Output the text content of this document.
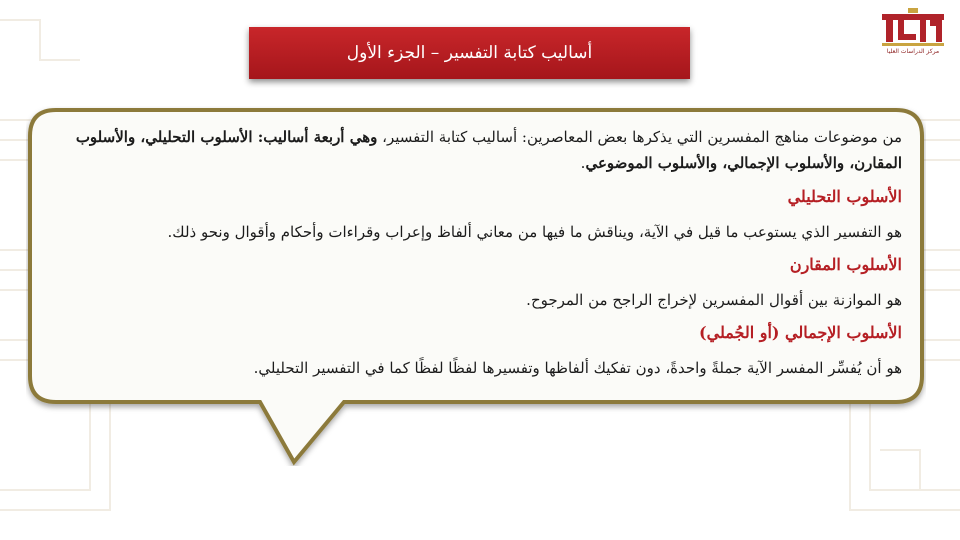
مركز الدراسات العليا
أساليب كتابة التفسير – الجزء الأول

من موضوعات مناهج المفسرين التي يذكرها بعض المعاصرين: أساليب كتابة التفسير، وهي أربعة أساليب: الأسلوب التحليلي، والأسلوب المقارن، والأسلوب الإجمالي، والأسلوب الموضوعي.

الأسلوب التحليلي

هو التفسير الذي يستوعب ما قيل في الآية، ويناقش ما فيها من معاني ألفاظ وإعراب وقراءات وأحكام وأقوال ونحو ذلك.

الأسلوب المقارن

هو الموازنة بين أقوال المفسرين لإخراج الراجح من المرجوح.

الأسلوب الإجمالي (أو الجُملي)

هو أن يُفسِّر المفسر الآية جملةً واحدةً، دون تفكيك ألفاظها وتفسيرها لفظًا لفظًا كما في التفسير التحليلي.
